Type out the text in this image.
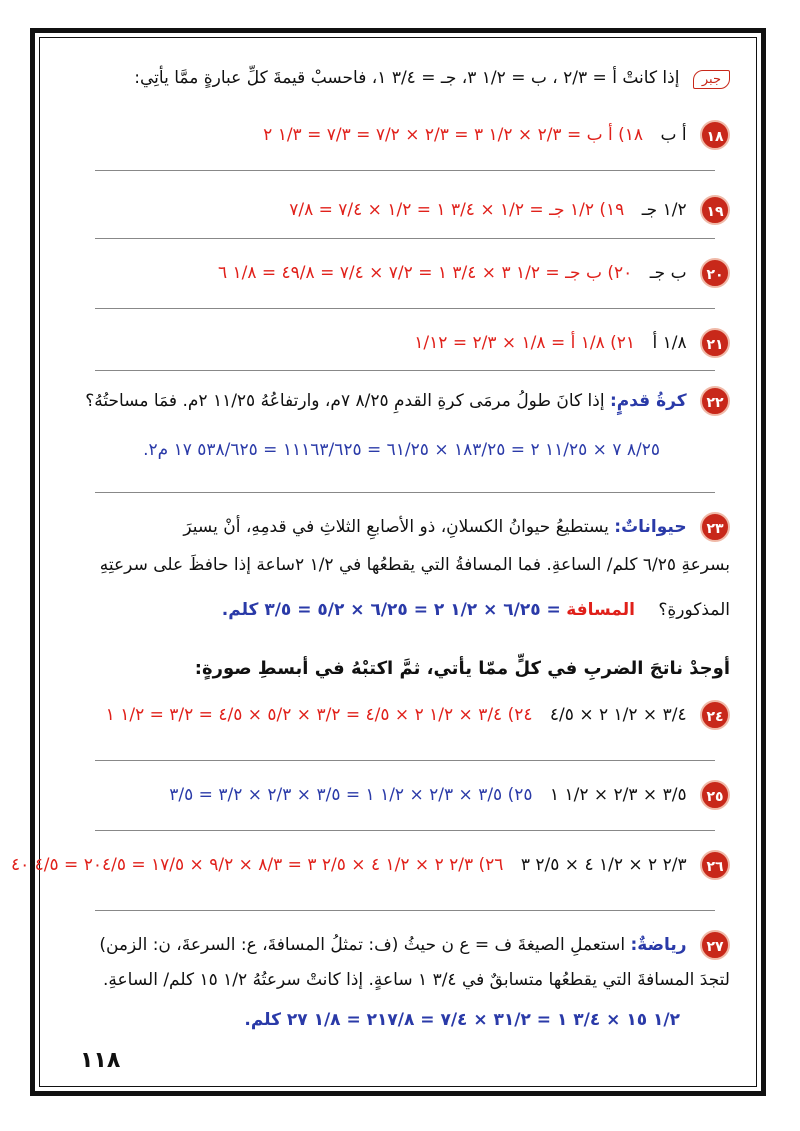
جبر إذا كانتْ أ = ٢/٣ ، ب = ١/٢ ٣، جـ = ٣/٤ ١، فاحسبْ قيمةَ كلِّ عبارةٍ ممَّا يأتِي:
١٨ أ ب ١٨) أ ب = ٢/٣ × ١/٢ ٣ = ٢/٣ × ٧/٢ = ٧/٣ = ١/٣ ٢
١٩ ١/٢ جـ ١٩) ١/٢ جـ = ١/٢ × ٣/٤ ١ = ١/٢ × ٧/٤ = ٧/٨
٢٠ ب جـ ٢٠) ب جـ = ١/٢ ٣ × ٣/٤ ١ = ٧/٢ × ٧/٤ = ٤٩/٨ = ١/٨ ٦
٢١ ١/٨ أ ٢١) ١/٨ أ = ١/٨ × ٢/٣ = ١/١٢
٢٢ كرةُ قدمٍ: إذا كانَ طولُ مرمَى كرةِ القدمِ ٨/٢٥ ٧م، وارتفاعُهُ ١١/٢٥ ٢م. فمَا مساحتُهُ؟
٨/٢٥ ٧ × ١١/٢٥ ٢ = ١٨٣/٢٥ × ٦١/٢٥ = ١١١٦٣/٦٢٥ = ٥٣٨/٦٢٥ ١٧ م٢.
٢٣ حيواناتٌ: يستطيعُ حيوانُ الكسلانِ، ذو الأصابعِ الثلاثِ في قدمِهِ، أنْ يسيرَ
بسرعةِ ٦/٢٥ كلم/ الساعةِ. فما المسافةُ التي يقطعُها في ١/٢ ٢ساعة إذا حافظَ على سرعتِهِ
المذكورةِ؟ المسافة = ٦/٢٥ × ١/٢ ٢ = ٦/٢٥ × ٥/٢ = ٣/٥ كلم.
أوجدْ ناتجَ الضربِ في كلٍّ ممّا يأتي، ثمَّ اكتبْهُ في أبسطِ صورةٍ:
٢٤ ٣/٤ × ١/٢ ٢ × ٤/٥ ٢٤) ٣/٤ × ١/٢ ٢ × ٤/٥ = ٣/٢ × ٥/٢ × ٤/٥ = ٣/٢ = ١/٢ ١
٢٥ ٣/٥ × ٢/٣ × ١/٢ ١ ٢٥) ٣/٥ × ٢/٣ × ١/٢ ١ = ٣/٥ × ٢/٣ × ٣/٢ = ٣/٥
٢٦ ٢/٣ ٢ × ١/٢ ٤ × ٢/٥ ٣ ٢٦) ٢/٣ ٢ × ١/٢ ٤ × ٢/٥ ٣ = ٨/٣ × ٩/٢ × ١٧/٥ = ٢٠٤/٥ = ٤/٥ ٤٠
٢٧ رياضةٌ: استعملِ الصيغةَ ف = ع ن حيثُ (ف: تمثلُ المسافةَ، ع: السرعةَ، ن: الزمن)
لتجدَ المسافةَ التي يقطعُها متسابقٌ في ٣/٤ ١ ساعةٍ. إذا كانتْ سرعتُهُ ١/٢ ١٥ كلم/ الساعةِ.
١/٢ ١٥ × ٣/٤ ١ = ٣١/٢ × ٧/٤ = ٢١٧/٨ = ١/٨ ٢٧ كلم.
١١٨
